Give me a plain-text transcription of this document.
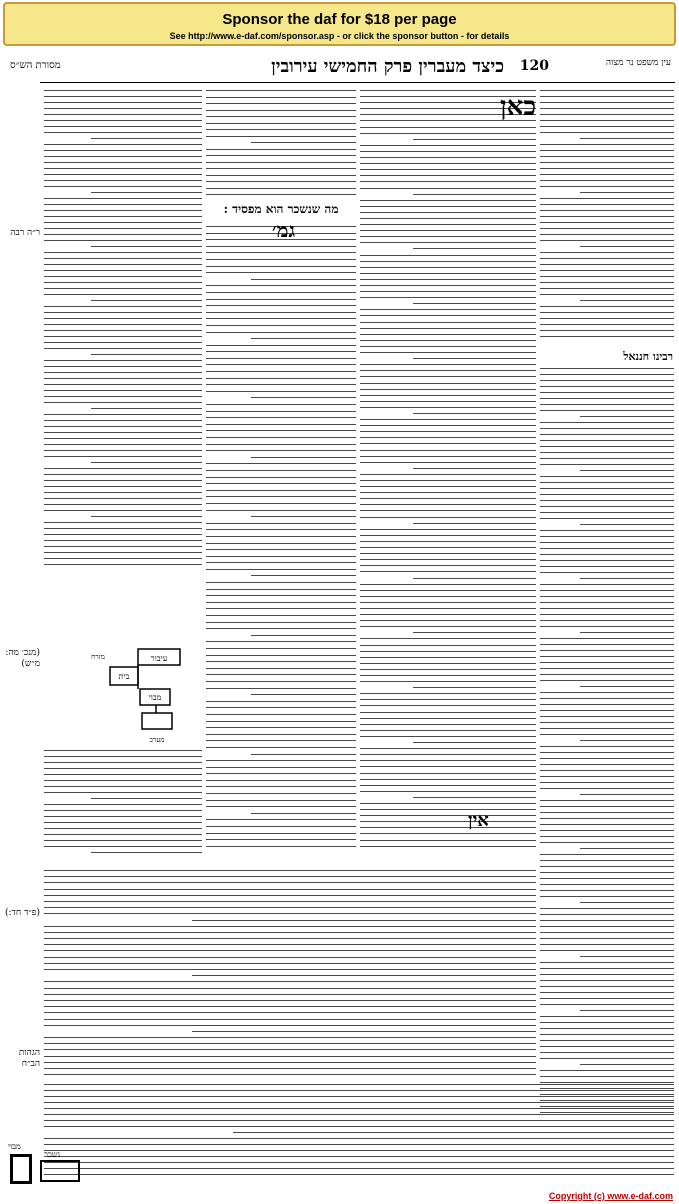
Sponsor the daf for $18 per page
See http://www.e-daf.com/sponsor.asp - or click the sponsor button - for details
מסורת הש״ס	120
כיצד מעברין פרק החמישי עירובין	עין משפט נר מצוה
ר״ה רבה
(מנכ׳ מה: מ״ש)
(פ״ד חד:)
הגהות הב״ח
עיבור
בית
מבוי
מזרח
מערב
מה שנשכר הוא מפסיד :
גמ׳
כאן
רבינו חננאל
אין
נשכר
מבוי
Copyright (c) www.e-daf.com
